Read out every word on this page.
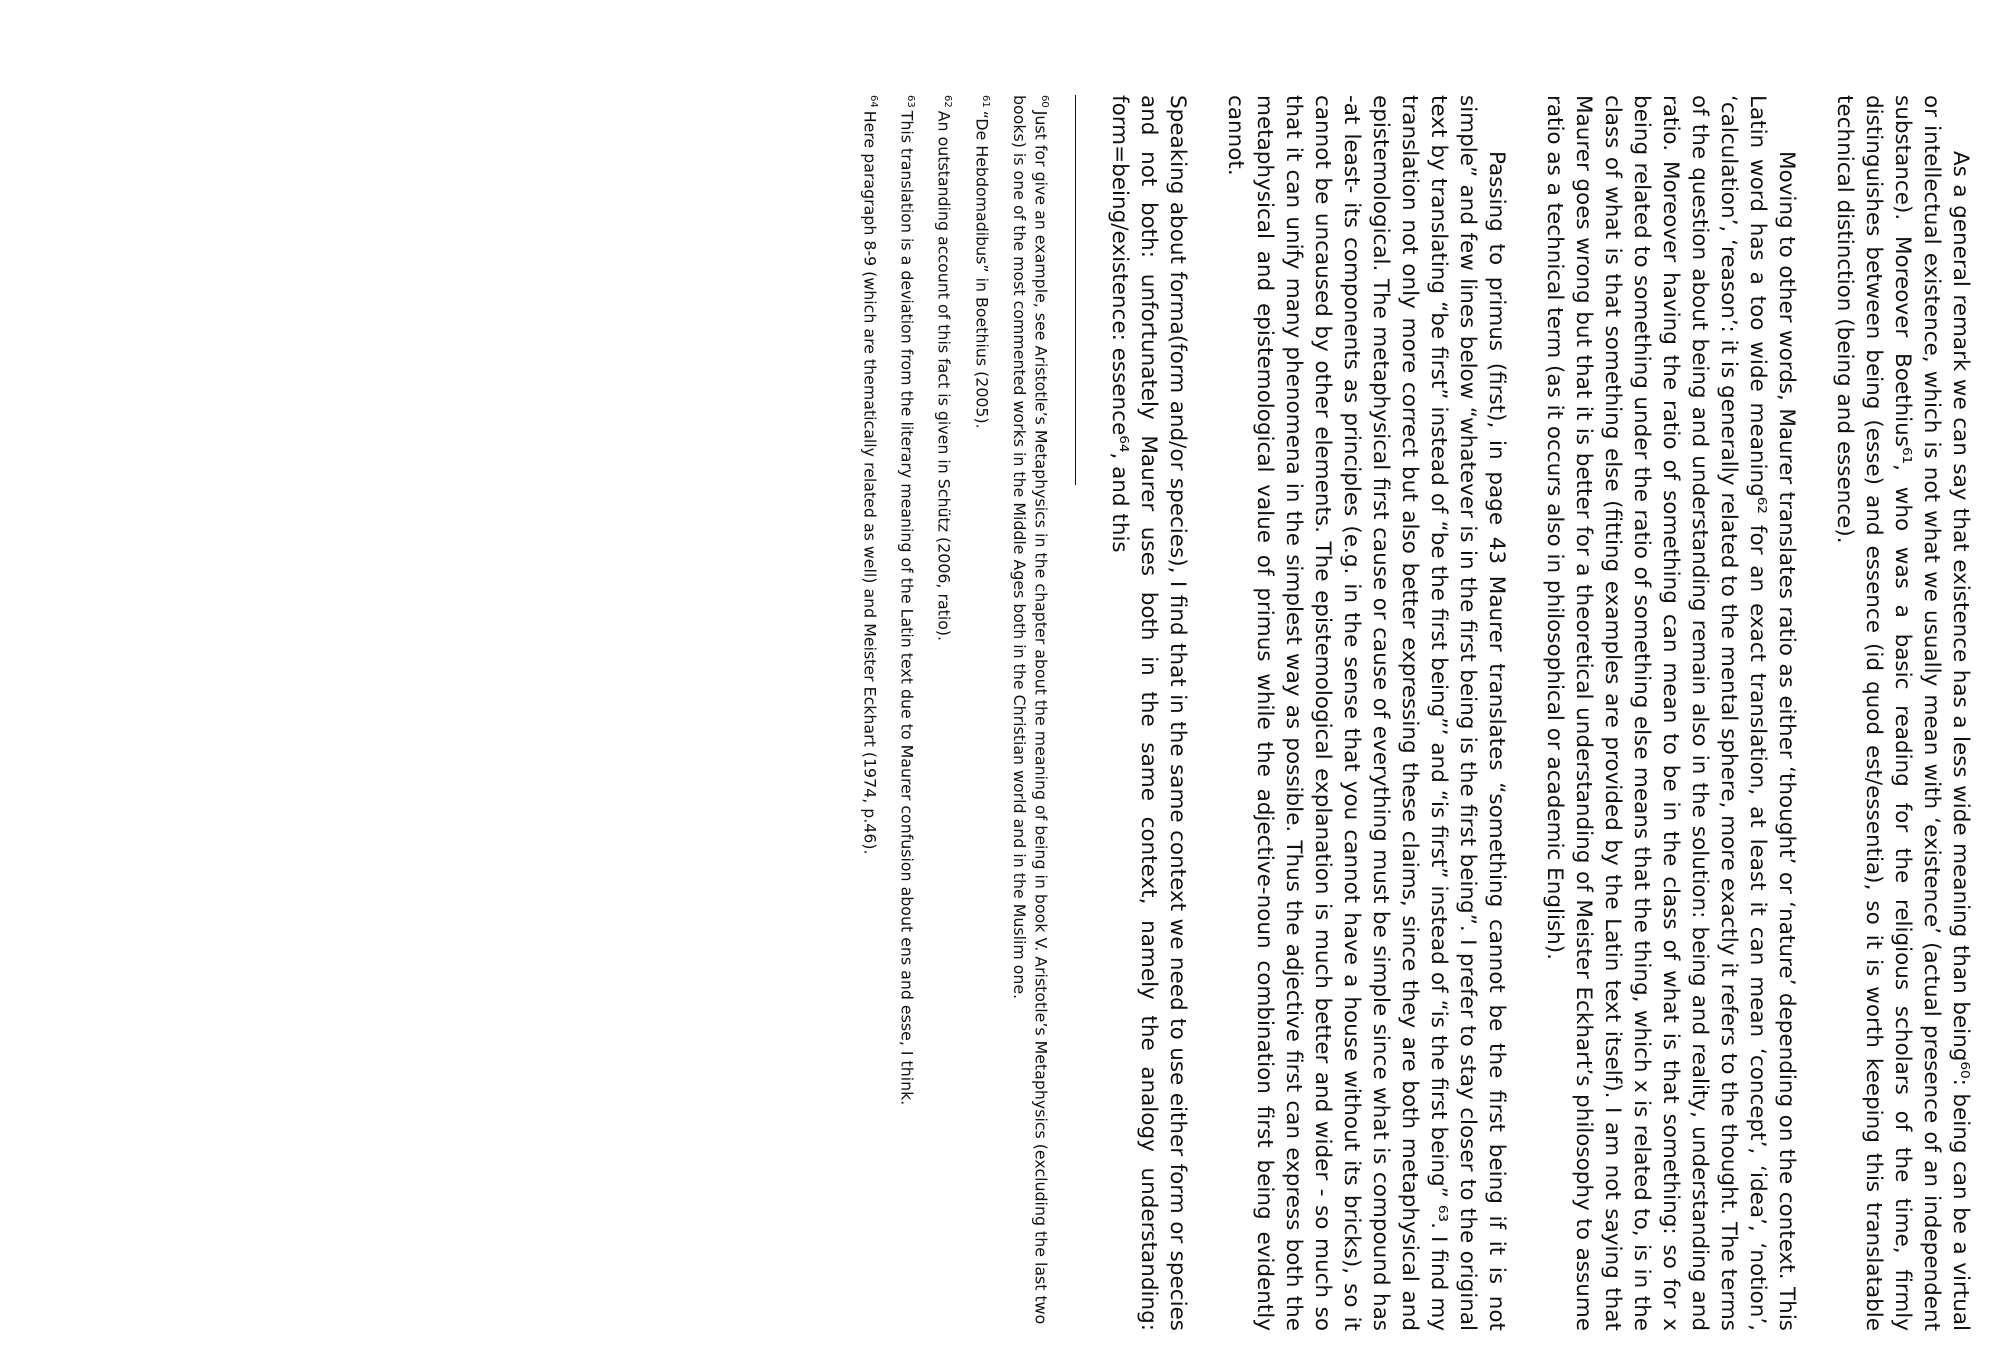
As a general remark we can say that existence has a less wide meaning than being⁶⁰: being can be a virtual or intellectual existence, which is not what we usually mean with ‘existence’ (actual presence of an independent substance). Moreover Boethius⁶¹, who was a basic reading for the religious scholars of the time, firmly distinguishes between being (esse) and essence (id quod est/essentia), so it is worth keeping this translatable technical distinction (being and essence).

Moving to other words, Maurer translates ratio as either ‘thought’ or ‘nature’ depending on the context. This Latin word has a too wide meaning⁶² for an exact translation, at least it can mean ‘concept’, ‘idea’, ‘notion’, ‘calculation’, ‘reason’: it is generally related to the mental sphere, more exactly it refers to the thought. The terms of the question about being and understanding remain also in the solution: being and reality, understanding and ratio. Moreover having the ratio of something can mean to be in the class of what is that something: so for x being related to something under the ratio of something else means that the thing, which x is related to, is in the class of what is that something else (fitting examples are provided by the Latin text itself). I am not saying that Maurer goes wrong but that it is better for a theoretical understanding of Meister Eckhart’s philosophy to assume ratio as a technical term (as it occurs also in philosophical or academic English).

Passing to primus (first), in page 43 Maurer translates “something cannot be the first being if it is not simple” and few lines below “whatever is in the first being is the first being”. I prefer to stay closer to the original text by translating “be first” instead of “be the first being”’ and “is first” instead of “is the first being” ⁶³. I find my translation not only more correct but also better expressing these claims, since they are both metaphysical and epistemological. The metaphysical first cause or cause of everything must be simple since what is compound has -at least- its components as principles (e.g. in the sense that you cannot have a house without its bricks), so it cannot be uncaused by other elements. The epistemological explanation is much better and wider - so much so that it can unify many phenomena in the simplest way as possible. Thus the adjective first can express both the metaphysical and epistemological value of primus while the adjective-noun combination first being evidently cannot.

Speaking about forma(form and/or species), I find that in the same context we need to use either form or species and not both: unfortunately Maurer uses both in the same context, namely the analogy understanding: form=being/existence: essence⁶⁴, and this

$^{60}$Just for give an example, see Aristotle’s Metaphysics in the chapter about the meaning of being in book V. Aristotle’s Metaphysics (excluding the last two books) is one of the most commented works in the Middle Ages both in the Christian world and in the Muslim one.
$^{61}$“De Hebdomadibus” in Boethius (2005).
$^{62}$An outstanding account of this fact is given in Schütz (2006, ratio).
$^{63}$This translation is a deviation from the literary meaning of the Latin text due to Maurer confusion about ens and esse, I think.
$^{64}$Here paragraph 8-9 (which are thematically related as well) and Meister Eckhart (1974, p.46).
